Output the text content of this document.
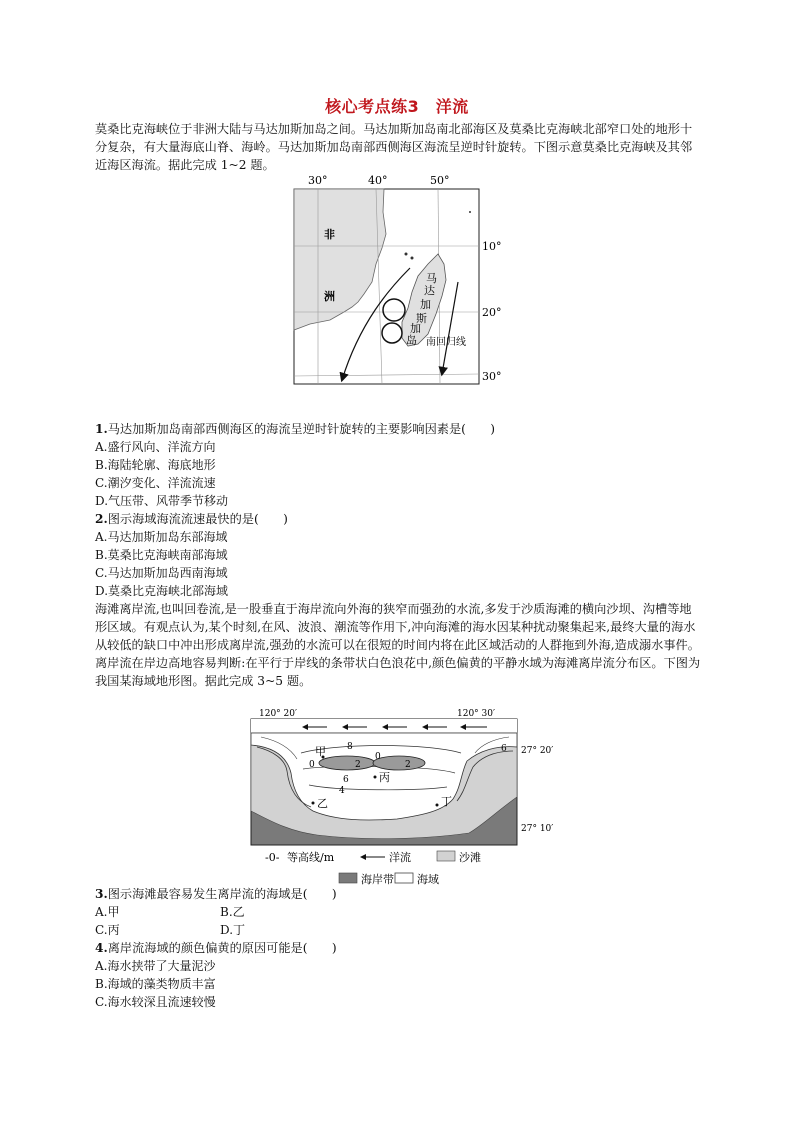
核心考点练3　洋流

莫桑比克海峡位于非洲大陆与马达加斯加岛之间。马达加斯加岛南北部海区及莫桑比克海峡北部窄口处的地形十分复杂，有大量海底山脊、海岭。马达加斯加岛南部西侧海区海流呈逆时针旋转。下图示意莫桑比克海峡及其邻近海区海流。据此完成 1~2 题。

30°	40°	50°
非
洲
马
达
加
斯
加
岛 南回归线
10°
20°
30°
1.马达加斯加岛南部西侧海区的海流呈逆时针旋转的主要影响因素是(　　)
A.盛行风向、洋流方向
B.海陆轮廓、海底地形
C.潮汐变化、洋流流速
D.气压带、风带季节移动
2.图示海域海流流速最快的是(　　)
A.马达加斯加岛东部海域
B.莫桑比克海峡南部海域
C.马达加斯加岛西南海域
D.莫桑比克海峡北部海域

海滩离岸流,也叫回卷流,是一股垂直于海岸流向外海的狭窄而强劲的水流,多发于沙质海滩的横向沙坝、沟槽等地形区域。有观点认为,某个时刻,在风、波浪、潮流等作用下,冲向海滩的海水因某种扰动聚集起来,最终大量的海水从较低的缺口中冲出形成离岸流,强劲的水流可以在很短的时间内将在此区域活动的人群拖到外海,造成溺水事件。离岸流在岸边高地容易判断:在平行于岸线的条带状白色浪花中,颜色偏黄的平静水域为海滩离岸流分布区。下图为我国某海域地形图。据此完成 3~5 题。

120° 20′	120° 30′
8
0
2	2
6
4
0
6
甲
乙
丙
丁
27° 20′
27° 10′
-0- 等高线/m	洋流	沙滩
海岸带 海域
3.图示海滩最容易发生离岸流的海域是(　　)
A.甲	B.乙
C.丙	D.丁
4.离岸流海域的颜色偏黄的原因可能是(　　)
A.海水挟带了大量泥沙
B.海域的藻类物质丰富
C.海水较深且流速较慢
